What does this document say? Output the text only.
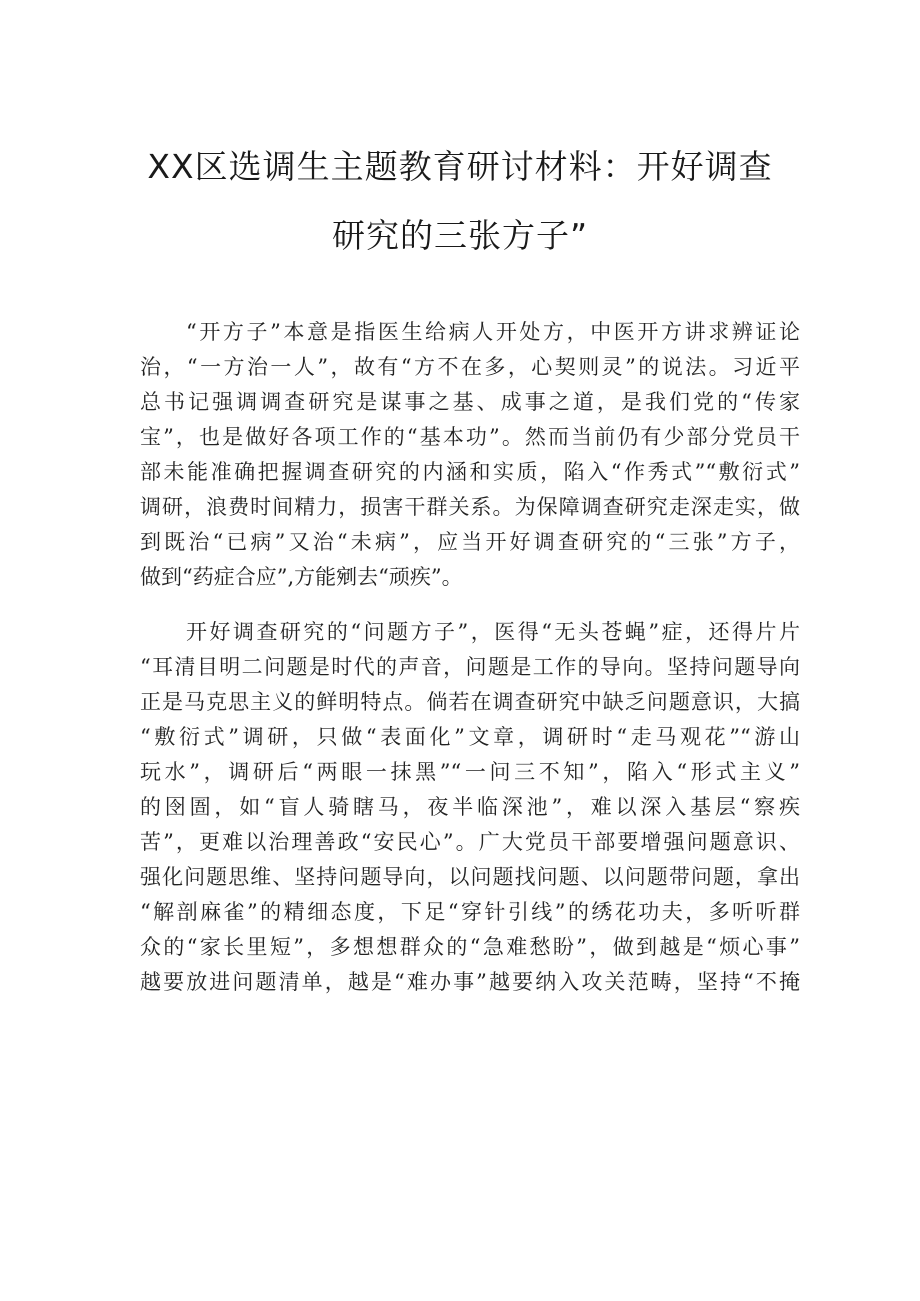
XX区选调生主题教育研讨材料：开好调查
研究的三张方子”
“开方子”本意是指医生给病人开处方，中医开方讲求辨证论
治，“一方治一人”，故有“方不在多，心契则灵”的说法。习近平
总书记强调调查研究是谋事之基、成事之道，是我们党的“传家
宝”，也是做好各项工作的“基本功”。然而当前仍有少部分党员干
部未能准确把握调查研究的内涵和实质，陷入“作秀式”“敷衍式”
调研，浪费时间精力，损害干群关系。为保障调查研究走深走实，做
到既治“已病”又治“未病”，应当开好调查研究的“三张”方子，
做到“药症合应”,方能剜去“顽疾”。
开好调查研究的“问题方子”，医得“无头苍蝇”症，还得片片
“耳清目明二问题是时代的声音，问题是工作的导向。坚持问题导向
正是马克思主义的鲜明特点。倘若在调查研究中缺乏问题意识，大搞
“敷衍式”调研，只做“表面化”文章，调研时“走马观花”“游山
玩水”，调研后“两眼一抹黑”“一问三不知”，陷入“形式主义”
的囹圄，如“盲人骑瞎马，夜半临深池”，难以深入基层“察疾
苦”，更难以治理善政“安民心”。广大党员干部要增强问题意识、
强化问题思维、坚持问题导向，以问题找问题、以问题带问题，拿出
“解剖麻雀”的精细态度，下足“穿针引线”的绣花功夫，多听听群
众的“家长里短”，多想想群众的“急难愁盼”，做到越是“烦心事”
越要放进问题清单，越是“难办事”越要纳入攻关范畴，坚持“不掩
